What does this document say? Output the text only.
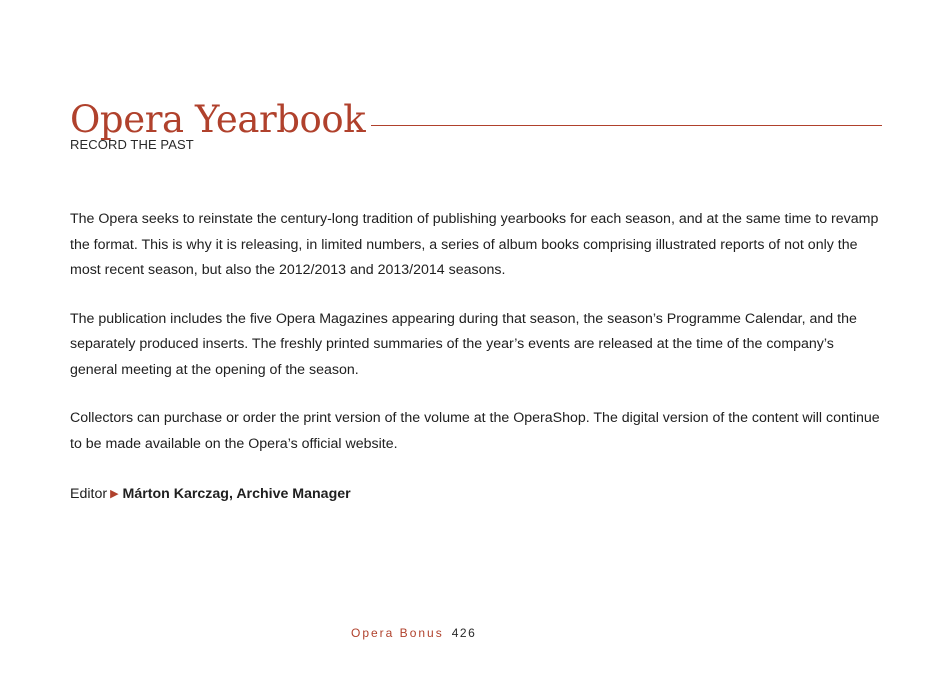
Opera Yearbook
RECORD THE PAST

The Opera seeks to reinstate the century-long tradition of publishing yearbooks for each season, and at the same time to revamp the format. This is why it is releasing, in limited numbers, a series of album books comprising illustrated reports of not only the most recent season, but also the 2012/2013 and 2013/2014 seasons.

The publication includes the five Opera Magazines appearing during that season, the season’s Programme Calendar, and the separately produced inserts. The freshly printed summaries of the year’s events are released at the time of the company’s general meeting at the opening of the season.

Collectors can purchase or order the print version of the volume at the OperaShop. The digital version of the content will continue to be made available on the Opera’s official website.

Editor ▶ Márton Karczag, Archive Manager
Opera Bonus 426
